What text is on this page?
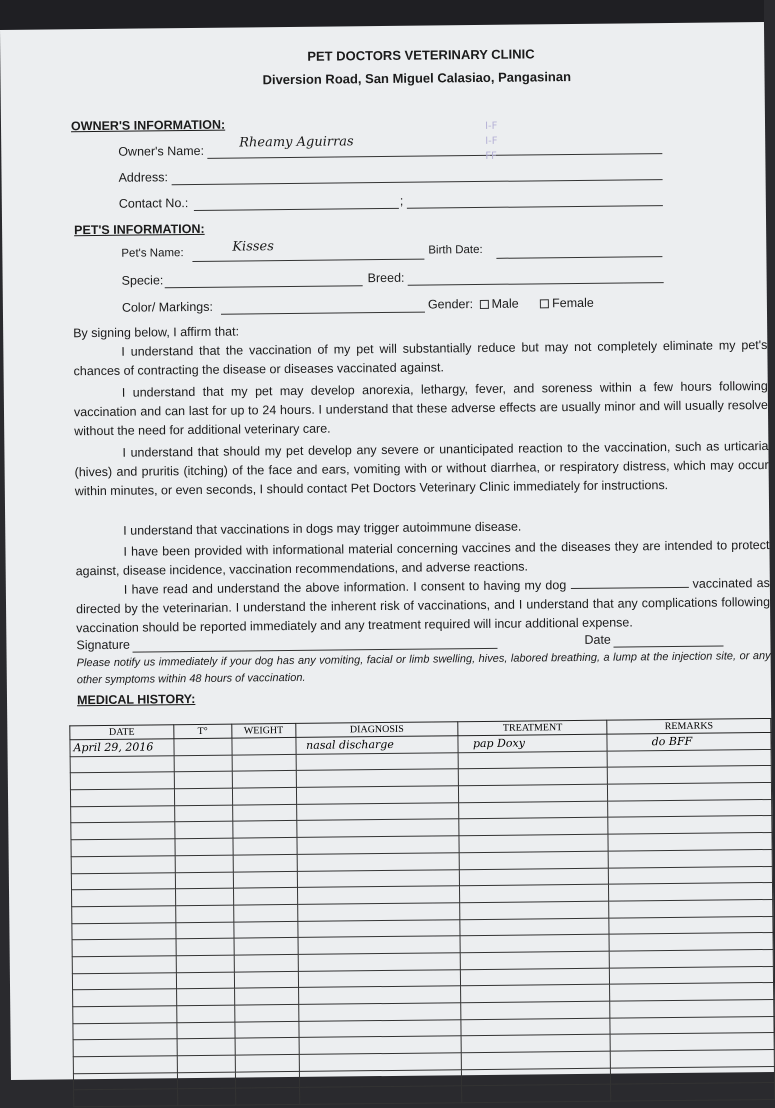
PET DOCTORS VETERINARY CLINIC
Diversion Road, San Miguel Calasiao, Pangasinan
OWNER'S INFORMATION:
Owner's Name:
Rheamy Aguirras
Address:
Contact No.:	;
I-F
I-F
FF
PET'S INFORMATION:
Pet's Name:	Kisses	Birth Date:
Specie:	Breed:
Color/ Markings:	Gender: Male	Female
By signing below, I affirm that:
I understand that the vaccination of my pet will substantially reduce but may not completely eliminate my pet's chances of contracting the disease or diseases vaccinated against.
I understand that my pet may develop anorexia, lethargy, fever, and soreness within a few hours following vaccination and can last for up to 24 hours. I understand that these adverse effects are usually minor and will usually resolve without the need for additional veterinary care.
I understand that should my pet develop any severe or unanticipated reaction to the vaccination, such as urticaria (hives) and pruritis (itching) of the face and ears, vomiting with or without diarrhea, or respiratory distress, which may occur within minutes, or even seconds, I should contact Pet Doctors Veterinary Clinic immediately for instructions.
I understand that vaccinations in dogs may trigger autoimmune disease.
I have been provided with informational material concerning vaccines and the diseases they are intended to protect against, disease incidence, vaccination recommendations, and adverse reactions.
I have read and understand the above information. I consent to having my dog	vaccinated as directed by the veterinarian. I understand the inherent risk of vaccinations, and I understand that any complications following vaccination should be reported immediately and any treatment required will incur additional expense.
Signature	Date
Please notify us immediately if your dog has any vomiting, facial or limb swelling, hives, labored breathing, a lump at the injection site, or any other symptoms within 48 hours of vaccination.
MEDICAL HISTORY:
DATE	T°	WEIGHT	DIAGNOSIS	TREATMENT	REMARKS
April 29, 2016			nasal discharge	pap Doxy	do BFF
